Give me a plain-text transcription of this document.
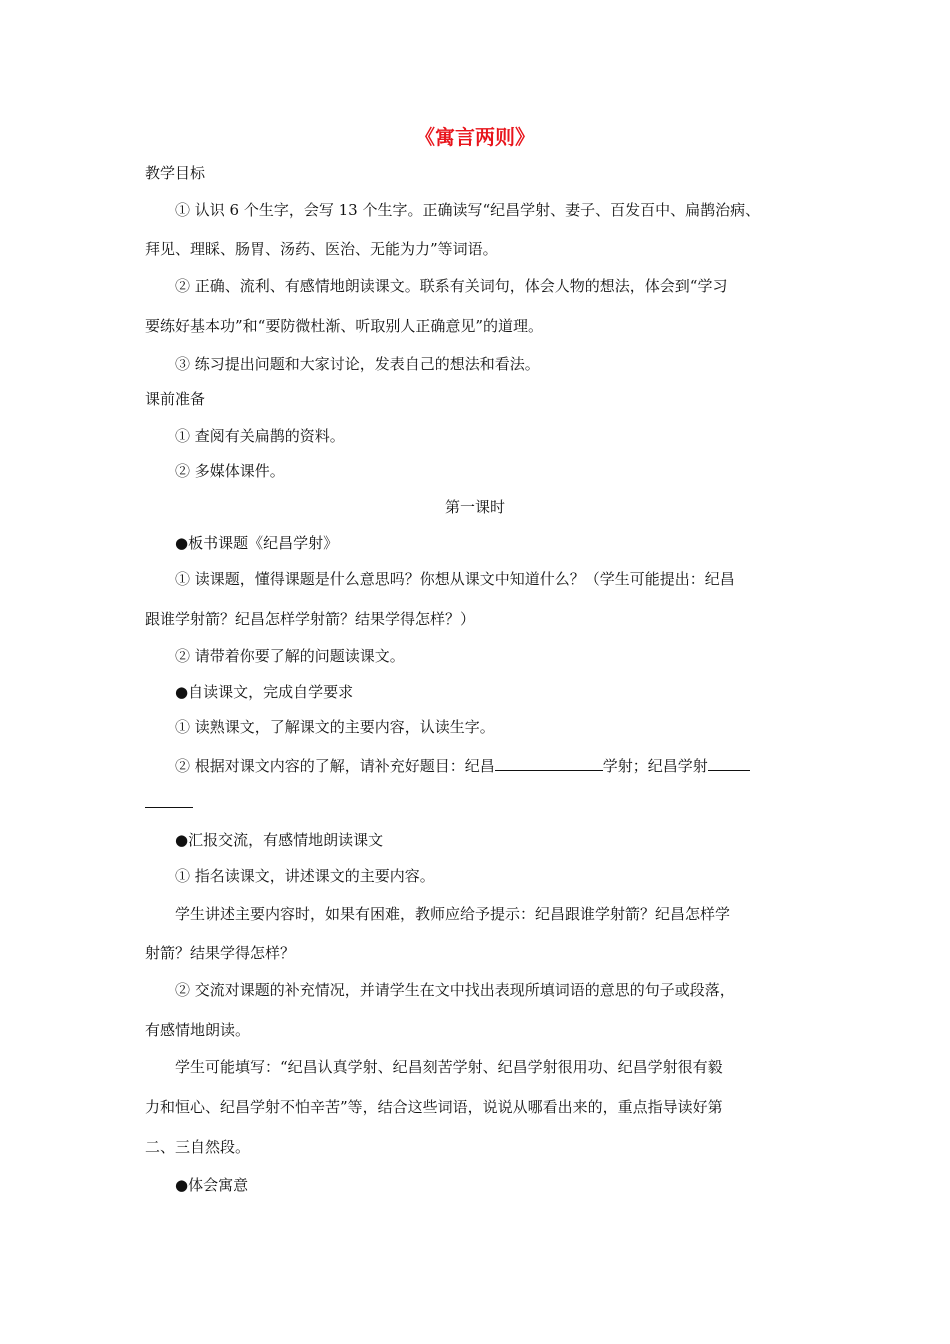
《寓言两则》
教学目标
① 认识 6 个生字，会写 13 个生字。正确读写“纪昌学射、妻子、百发百中、扁鹊治病、
拜见、理睬、肠胃、汤药、医治、无能为力”等词语。
② 正确、流利、有感情地朗读课文。联系有关词句，体会人物的想法，体会到“学习
要练好基本功”和“要防微杜渐、听取别人正确意见”的道理。
③ 练习提出问题和大家讨论，发表自己的想法和看法。
课前准备
① 查阅有关扁鹊的资料。
② 多媒体课件。
第一课时
●板书课题《纪昌学射》
① 读课题，懂得课题是什么意思吗？你想从课文中知道什么？（学生可能提出：纪昌
跟谁学射箭？纪昌怎样学射箭？结果学得怎样？）
② 请带着你要了解的问题读课文。
●自读课文，完成自学要求
① 读熟课文，了解课文的主要内容，认读生字。
② 根据对课文内容的了解，请补充好题目：纪昌	学射；纪昌学射
●汇报交流，有感情地朗读课文
① 指名读课文，讲述课文的主要内容。
学生讲述主要内容时，如果有困难，教师应给予提示：纪昌跟谁学射箭？纪昌怎样学
射箭？结果学得怎样？
② 交流对课题的补充情况，并请学生在文中找出表现所填词语的意思的句子或段落，
有感情地朗读。
学生可能填写：“纪昌认真学射、纪昌刻苦学射、纪昌学射很用功、纪昌学射很有毅
力和恒心、纪昌学射不怕辛苦”等，结合这些词语，说说从哪看出来的，重点指导读好第
二、三自然段。
●体会寓意
